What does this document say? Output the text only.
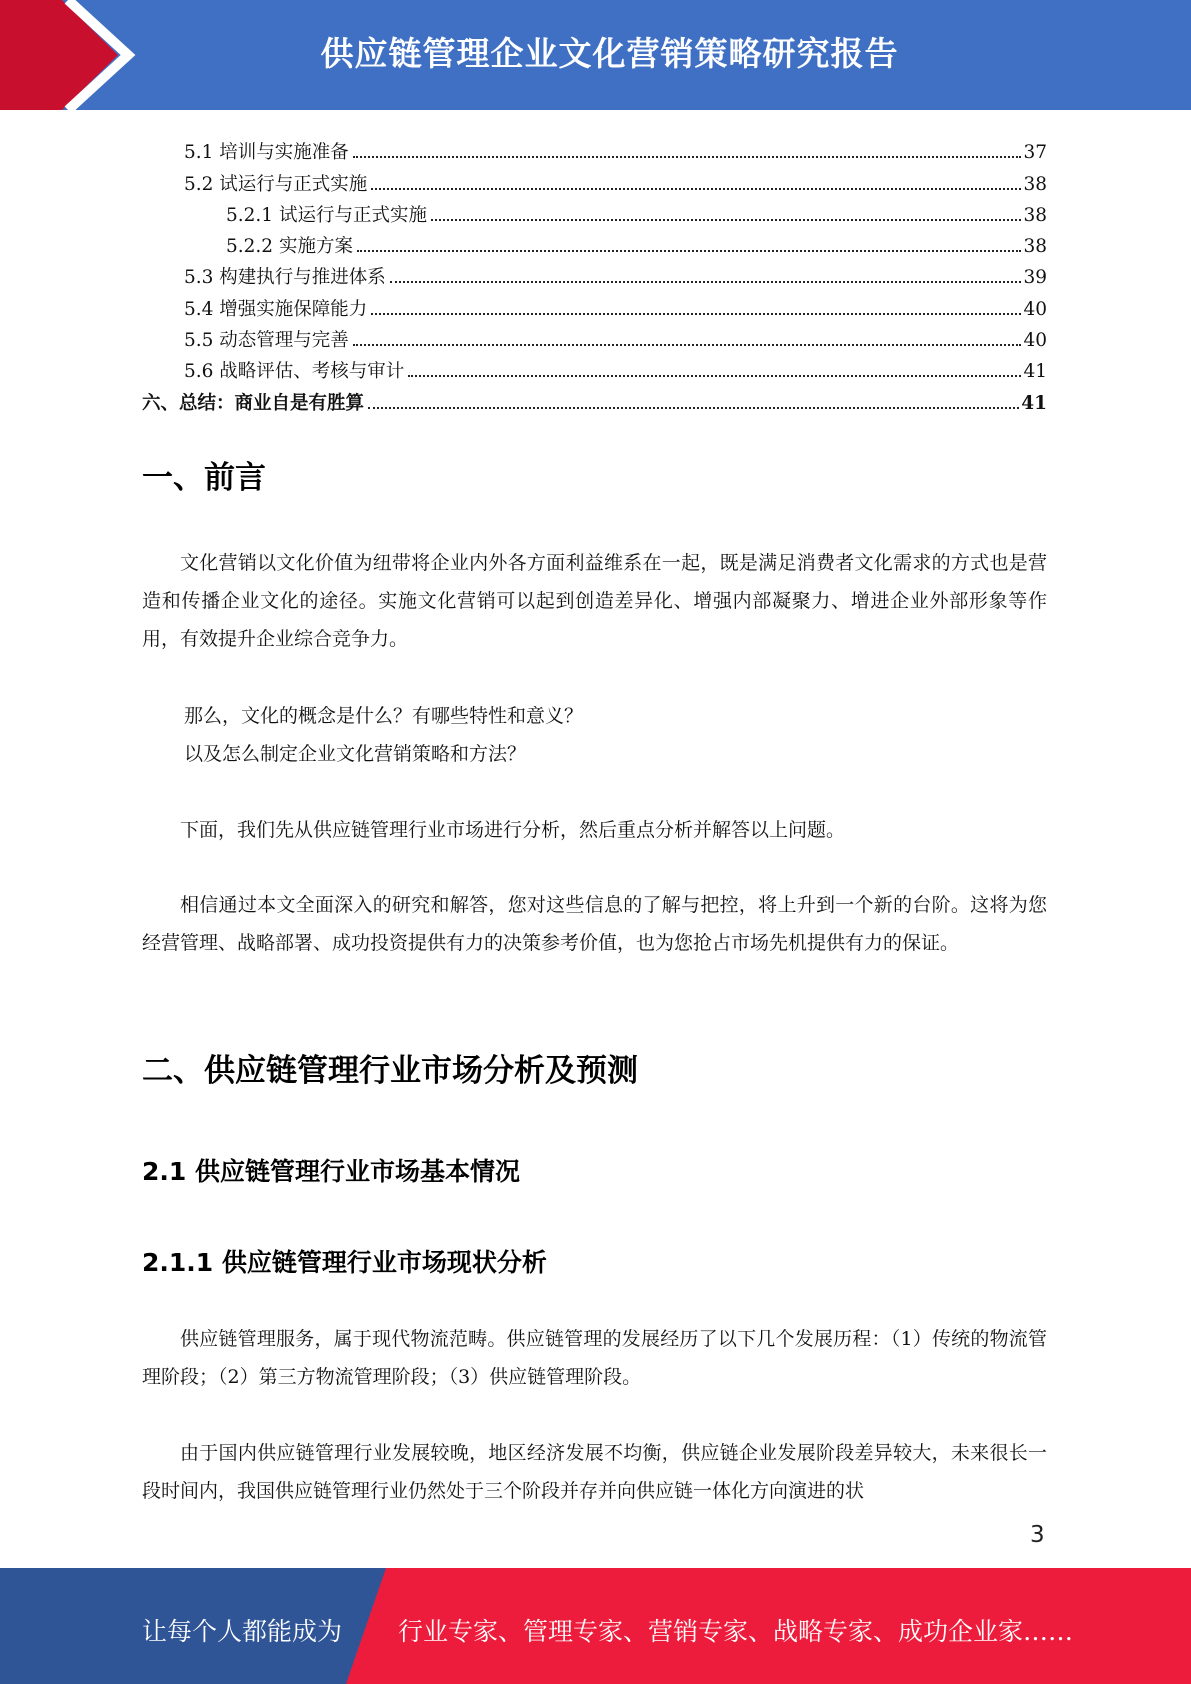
供应链管理企业文化营销策略研究报告
5.1 培训与实施准备	37
5.2 试运行与正式实施	38
5.2.1 试运行与正式实施	38
5.2.2 实施方案	38
5.3 构建执行与推进体系	39
5.4 增强实施保障能力	40
5.5 动态管理与完善	40
5.6 战略评估、考核与审计	41
六、总结：商业自是有胜算	41
一、前言

文化营销以文化价值为纽带将企业内外各方面利益维系在一起，既是满足消费者文化需求的方式也是营造和传播企业文化的途径。实施文化营销可以起到创造差异化、增强内部凝聚力、增进企业外部形象等作用，有效提升企业综合竞争力。

那么，文化的概念是什么？有哪些特性和意义？
以及怎么制定企业文化营销策略和方法？

下面，我们先从供应链管理行业市场进行分析，然后重点分析并解答以上问题。

相信通过本文全面深入的研究和解答，您对这些信息的了解与把控，将上升到一个新的台阶。这将为您经营管理、战略部署、成功投资提供有力的决策参考价值，也为您抢占市场先机提供有力的保证。

二、供应链管理行业市场分析及预测
2.1 供应链管理行业市场基本情况
2.1.1 供应链管理行业市场现状分析

供应链管理服务，属于现代物流范畴。供应链管理的发展经历了以下几个发展历程：（1）传统的物流管理阶段；（2）第三方物流管理阶段；（3）供应链管理阶段。

由于国内供应链管理行业发展较晚，地区经济发展不均衡，供应链企业发展阶段差异较大，未来很长一段时间内，我国供应链管理行业仍然处于三个阶段并存并向供应链一体化方向演进的状

3
让每个人都能成为 行业专家、管理专家、营销专家、战略专家、成功企业家……
